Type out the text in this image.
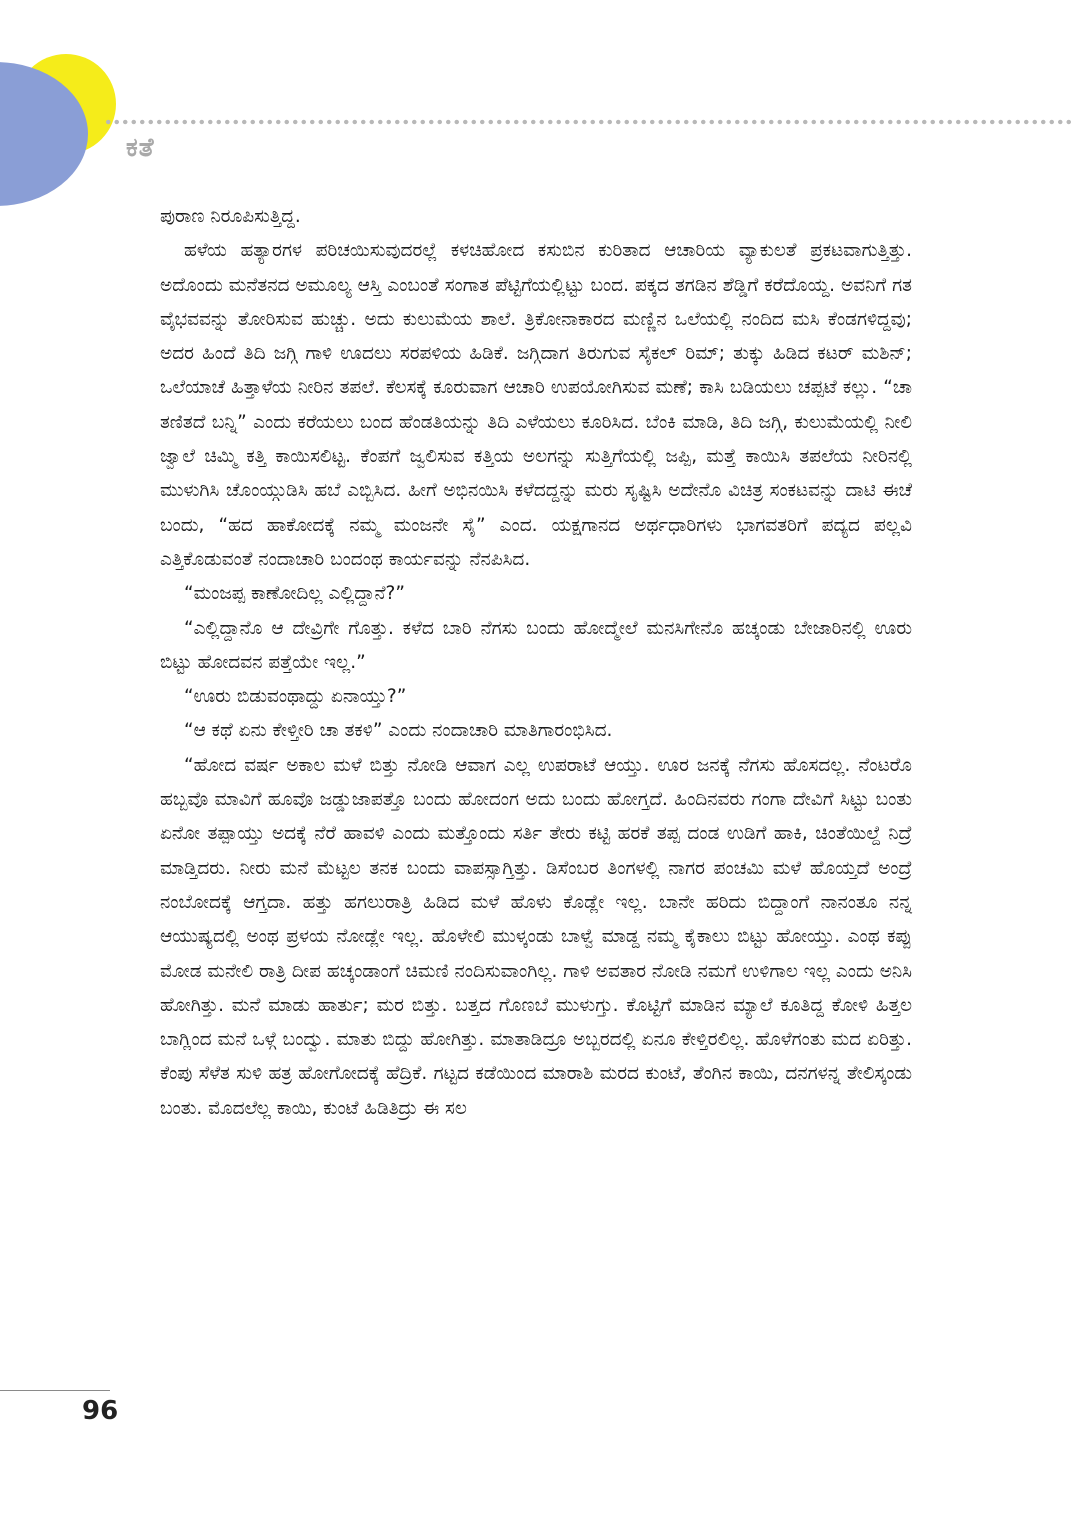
ಕತೆ

ಪುರಾಣ ನಿರೂಪಿಸುತ್ತಿದ್ದ.

ಹಳೆಯ ಹತ್ಯಾರಗಳ ಪರಿಚಯಿಸುವುದರಲ್ಲೆ ಕಳಚಿಹೋದ ಕಸುಬಿನ ಕುರಿತಾದ ಆಚಾರಿಯ ವ್ಯಾಕುಲತೆ ಪ್ರಕಟವಾಗುತ್ತಿತ್ತು. ಅದೊಂದು ಮನೆತನದ ಅಮೂಲ್ಯ ಆಸ್ತಿ ಎಂಬಂತೆ ಸಂಗಾತ ಪೆಟ್ಟಿಗೆಯಲ್ಲಿಟ್ಟು ಬಂದ. ಪಕ್ಕದ ತಗಡಿನ ಶೆಡ್ಡಿಗೆ ಕರೆದೊಯ್ದ. ಅವನಿಗೆ ಗತ ವೈಭವವನ್ನು ತೋರಿಸುವ ಹುಚ್ಚು. ಅದು ಕುಲುಮೆಯ ಶಾಲೆ. ತ್ರಿಕೋನಾಕಾರದ ಮಣ್ಣಿನ ಒಲೆಯಲ್ಲಿ ನಂದಿದ ಮಸಿ ಕೆಂಡಗಳಿದ್ದವು; ಅದರ ಹಿಂದೆ ತಿದಿ ಜಗ್ಗಿ ಗಾಳಿ ಊದಲು ಸರಪಳಿಯ ಹಿಡಿಕೆ. ಜಗ್ಗಿದಾಗ ತಿರುಗುವ ಸೈಕಲ್ ರಿಮ್; ತುಕ್ಕು ಹಿಡಿದ ಕಟರ್ ಮಶಿನ್; ಒಲೆಯಾಚೆ ಹಿತ್ತಾಳೆಯ ನೀರಿನ ತಪಲೆ. ಕೆಲಸಕ್ಕೆ ಕೂರುವಾಗ ಆಚಾರಿ ಉಪಯೋಗಿಸುವ ಮಣೆ; ಕಾಸಿ ಬಡಿಯಲು ಚಪ್ಪಟೆ ಕಲ್ಲು. “ಚಾ ತಣಿತದೆ ಬನ್ನಿ” ಎಂದು ಕರೆಯಲು ಬಂದ ಹೆಂಡತಿಯನ್ನು ತಿದಿ ಎಳೆಯಲು ಕೂರಿಸಿದ. ಬೆಂಕಿ ಮಾಡಿ, ತಿದಿ ಜಗ್ಗಿ, ಕುಲುಮೆಯಲ್ಲಿ ನೀಲಿ ಜ್ವಾಲೆ ಚಿಮ್ಮಿ ಕತ್ತಿ ಕಾಯಿಸಲಿಟ್ಟ. ಕೆಂಪಗೆ ಜ್ವಲಿಸುವ ಕತ್ತಿಯ ಅಲಗನ್ನು ಸುತ್ತಿಗೆಯಲ್ಲಿ ಜಪ್ಪಿ, ಮತ್ತೆ ಕಾಯಿಸಿ ತಪಲೆಯ ನೀರಿನಲ್ಲಿ ಮುಳುಗಿಸಿ ಚೊಂಯ್ಗುಡಿಸಿ ಹಬೆ ಎಬ್ಬಿಸಿದ. ಹೀಗೆ ಅಭಿನಯಿಸಿ ಕಳೆದದ್ದನ್ನು ಮರು ಸೃಷ್ಟಿಸಿ ಅದೇನೊ ವಿಚಿತ್ರ ಸಂಕಟವನ್ನು ದಾಟಿ ಈಚೆ ಬಂದು, “ಹದ ಹಾಕೋದಕ್ಕೆ ನಮ್ಮ ಮಂಜನೇ ಸೈ” ಎಂದ. ಯಕ್ಷಗಾನದ ಅರ್ಥಧಾರಿಗಳು ಭಾಗವತರಿಗೆ ಪದ್ಯದ ಪಲ್ಲವಿ ಎತ್ತಿಕೊಡುವಂತೆ ನಂದಾಚಾರಿ ಬಂದಂಥ ಕಾರ್ಯವನ್ನು ನೆನಪಿಸಿದ.

“ಮಂಜಪ್ಪ ಕಾಣೋದಿಲ್ಲ ಎಲ್ಲಿದ್ದಾನೆ?”

“ಎಲ್ಲಿದ್ದಾನೊ ಆ ದೇವ್ರಿಗೇ ಗೊತ್ತು. ಕಳೆದ ಬಾರಿ ನೆಗಸು ಬಂದು ಹೋದ್ಮೇಲೆ ಮನಸಿಗೇನೊ ಹಚ್ಕಂಡು ಬೇಜಾರಿನಲ್ಲಿ ಊರು ಬಿಟ್ಟು ಹೋದವನ ಪತ್ತೆಯೇ ಇಲ್ಲ.”

“ಊರು ಬಿಡುವಂಥಾದ್ದು ಏನಾಯ್ತು?”

“ಆ ಕಥೆ ಏನು ಕೇಳ್ತೀರಿ ಚಾ ತಕಳಿ” ಎಂದು ನಂದಾಚಾರಿ ಮಾತಿಗಾರಂಭಿಸಿದ.

“ಹೋದ ವರ್ಷ ಅಕಾಲ ಮಳೆ ಬಿತ್ತು ನೋಡಿ ಆವಾಗ ಎಲ್ಲ ಉಪರಾಟೆ ಆಯ್ತು. ಊರ ಜನಕ್ಕೆ ನೆಗಸು ಹೊಸದಲ್ಲ. ನೆಂಟರೊ ಹಬ್ಬವೊ ಮಾವಿಗೆ ಹೂವೊ ಜಡ್ಡುಜಾಪತ್ತೊ ಬಂದು ಹೋದಂಗ ಅದು ಬಂದು ಹೋಗ್ತದೆ. ಹಿಂದಿನವರು ಗಂಗಾ ದೇವಿಗೆ ಸಿಟ್ಟು ಬಂತು ಏನೋ ತಪ್ಪಾಯ್ತು ಅದಕ್ಕೆ ನೆರೆ ಹಾವಳಿ ಎಂದು ಮತ್ತೊಂದು ಸರ್ತಿ ತೇರು ಕಟ್ಟಿ ಹರಕೆ ತಪ್ಪ ದಂಡ ಉಡಿಗೆ ಹಾಕಿ, ಚಿಂತೆಯಿಲ್ದೆ ನಿದ್ರೆ ಮಾಡ್ತಿದರು. ನೀರು ಮನೆ ಮೆಟ್ಟಲ ತನಕ ಬಂದು ವಾಪಸ್ಸಾಗ್ತಿತ್ತು. ಡಿಸೆಂಬರ ತಿಂಗಳಲ್ಲಿ ನಾಗರ ಪಂಚಮಿ ಮಳೆ ಹೊಯ್ತದೆ ಅಂದ್ರೆ ನಂಬೋದಕ್ಕೆ ಆಗ್ತದಾ. ಹತ್ತು ಹಗಲುರಾತ್ರಿ ಹಿಡಿದ ಮಳೆ ಹೊಳು ಕೊಡ್ಲೇ ಇಲ್ಲ. ಬಾನೇ ಹರಿದು ಬಿದ್ದಾಂಗೆ ನಾನಂತೂ ನನ್ನ ಆಯುಷ್ಯದಲ್ಲಿ ಅಂಥ ಪ್ರಳಯ ನೋಡ್ಲೇ ಇಲ್ಲ. ಹೊಳೇಲಿ ಮುಳ್ಕಂಡು ಬಾಳ್ವೆ ಮಾಡ್ದ ನಮ್ಮ ಕೈಕಾಲು ಬಿಟ್ಟು ಹೋಯ್ತು. ಎಂಥ ಕಪ್ಪು ಮೋಡ ಮನೇಲಿ ರಾತ್ರಿ ದೀಪ ಹಚ್ಕಂಡಾಂಗೆ ಚಿಮಣಿ ನಂದಿಸುವಾಂಗಿಲ್ಲ. ಗಾಳಿ ಅವತಾರ ನೋಡಿ ನಮಗೆ ಉಳಿಗಾಲ ಇಲ್ಲ ಎಂದು ಅನಿಸಿ ಹೋಗಿತ್ತು. ಮನೆ ಮಾಡು ಹಾರ್ತು; ಮರ ಬಿತ್ತು. ಬತ್ತದ ಗೊಣಬೆ ಮುಳುಗ್ತು. ಕೊಟ್ಟಿಗೆ ಮಾಡಿನ ಮ್ಯಾಲೆ ಕೂತಿದ್ದ ಕೋಳಿ ಹಿತ್ತಲ ಬಾಗ್ಲಿಂದ ಮನೆ ಒಳ್ಗೆ ಬಂದ್ವು. ಮಾತು ಬಿದ್ದು ಹೋಗಿತ್ತು. ಮಾತಾಡಿದ್ರೂ ಅಬ್ಬರದಲ್ಲಿ ಏನೂ ಕೇಳ್ತಿರಲಿಲ್ಲ. ಹೊಳೆಗಂತು ಮದ ಏರಿತ್ತು. ಕೆಂಪು ಸೆಳೆತ ಸುಳಿ ಹತ್ರ ಹೋಗೋದಕ್ಕೆ ಹೆದ್ರಿಕೆ. ಗಟ್ಟದ ಕಡೆಯಿಂದ ಮಾರಾಶಿ ಮರದ ಕುಂಟೆ, ತೆಂಗಿನ ಕಾಯಿ, ದನಗಳನ್ನ ತೇಲಿಸ್ಕಂಡು ಬಂತು. ಮೊದಲೆಲ್ಲ ಕಾಯಿ, ಕುಂಟೆ ಹಿಡಿತಿದ್ರು ಈ ಸಲ

96
